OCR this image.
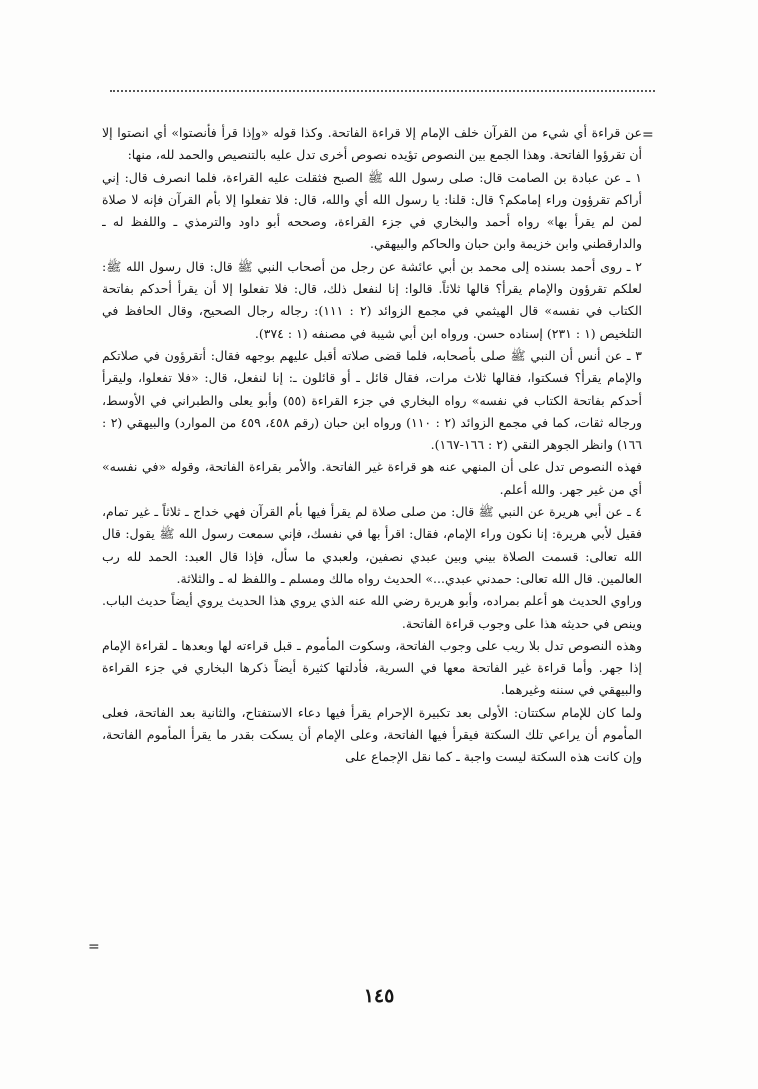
=

عن قراءة أي شيء من القرآن خلف الإمام إلا قراءة الفاتحة. وكذا قوله «وإذا قرأ فأنصتوا» أي انصتوا إلا أن تقرؤوا الفاتحة. وهذا الجمع بين النصوص تؤيده نصوص أخرى تدل عليه بالتنصيص والحمد لله، منها:

١ ـ عن عبادة بن الصامت قال: صلى رسول الله ﷺ الصبح فثقلت عليه القراءة، فلما انصرف قال: إني أراكم تقرؤون وراء إمامكم؟ قال: قلنا: يا رسول الله أي والله، قال: فلا تفعلوا إلا بأم القرآن فإنه لا صلاة لمن لم يقرأ بها» رواه أحمد والبخاري في جزء القراءة، وصححه أبو داود والترمذي ـ واللفظ له ـ والدارقطني وابن خزيمة وابن حبان والحاكم والبيهقي.

٢ ـ روى أحمد بسنده إلى محمد بن أبي عائشة عن رجل من أصحاب النبي ﷺ قال: قال رسول الله ﷺ: لعلكم تقرؤون والإمام يقرأ؟ قالها ثلاثاً. قالوا: إنا لنفعل ذلك، قال: فلا تفعلوا إلا أن يقرأ أحدكم بفاتحة الكتاب في نفسه» قال الهيثمي في مجمع الزوائد (٢ : ١١١): رجاله رجال الصحيح، وقال الحافظ في التلخيص (١ : ٢٣١) إسناده حسن. ورواه ابن أبي شيبة في مصنفه (١ : ٣٧٤).

٣ ـ عن أنس أن النبي ﷺ صلى بأصحابه، فلما قضى صلاته أقبل عليهم بوجهه فقال: أتقرؤون في صلاتكم والإمام يقرأ؟ فسكتوا، فقالها ثلاث مرات، فقال قائل ـ أو قائلون ـ: إنا لنفعل، قال: «فلا تفعلوا، وليقرأ أحدكم بفاتحة الكتاب في نفسه» رواه البخاري في جزء القراءة (٥٥) وأبو يعلى والطبراني في الأوسط، ورجاله ثقات، كما في مجمع الزوائد (٢ : ١١٠) ورواه ابن حبان (رقم ٤٥٨، ٤٥٩ من الموارد) والبيهقي (٢ : ١٦٦) وانظر الجوهر النقي (٢ : ١٦٦-١٦٧).

فهذه النصوص تدل على أن المنهي عنه هو قراءة غير الفاتحة. والأمر بقراءة الفاتحة، وقوله «في نفسه» أي من غير جهر. والله أعلم.

٤ ـ عن أبي هريرة عن النبي ﷺ قال: من صلى صلاة لم يقرأ فيها بأم القرآن فهي خداج ـ ثلاثاً ـ غير تمام، فقيل لأبي هريرة: إنا نكون وراء الإمام، فقال: اقرأ بها في نفسك، فإني سمعت رسول الله ﷺ يقول: قال الله تعالى: قسمت الصلاة بيني وبين عبدي نصفين، ولعبدي ما سأل، فإذا قال العبد: الحمد لله رب العالمين. قال الله تعالى: حمدني عبدي...» الحديث رواه مالك ومسلم ـ واللفظ له ـ والثلاثة.

وراوي الحديث هو أعلم بمراده، وأبو هريرة رضي الله عنه الذي يروي هذا الحديث يروي أيضاً حديث الباب. وينص في حديثه هذا على وجوب قراءة الفاتحة.

وهذه النصوص تدل بلا ريب على وجوب الفاتحة، وسكوت المأموم ـ قبل قراءته لها وبعدها ـ لقراءة الإمام إذا جهر. وأما قراءة غير الفاتحة معها في السرية، فأدلتها كثيرة أيضاً ذكرها البخاري في جزء القراءة والبيهقي في سننه وغيرهما.

ولما كان للإمام سكتتان: الأولى بعد تكبيرة الإحرام يقرأ فيها دعاء الاستفتاح، والثانية بعد الفاتحة، فعلى المأموم أن يراعي تلك السكتة فيقرأ فيها الفاتحة، وعلى الإمام أن يسكت بقدر ما يقرأ المأموم الفاتحة، وإن كانت هذه السكتة ليست واجبة ـ كما نقل الإجماع على

=
١٤٥
